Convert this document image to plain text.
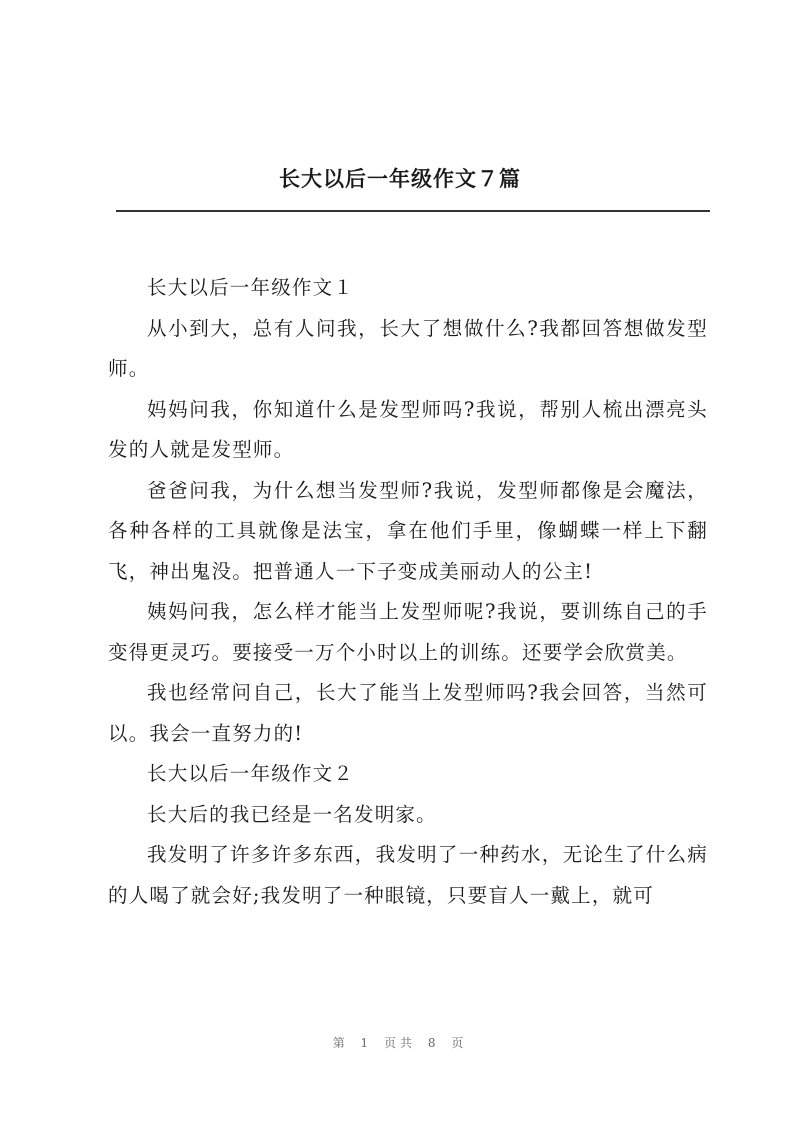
长大以后一年级作文７篇

长大以后一年级作文１

从小到大，总有人问我，长大了想做什么?我都回答想做发型师。

妈妈问我，你知道什么是发型师吗?我说，帮别人梳出漂亮头发的人就是发型师。

爸爸问我，为什么想当发型师?我说，发型师都像是会魔法，各种各样的工具就像是法宝，拿在他们手里，像蝴蝶一样上下翻飞，神出鬼没。把普通人一下子变成美丽动人的公主!

姨妈问我，怎么样才能当上发型师呢?我说，要训练自己的手变得更灵巧。要接受一万个小时以上的训练。还要学会欣赏美。

我也经常问自己，长大了能当上发型师吗?我会回答，当然可以。我会一直努力的!

长大以后一年级作文２

长大后的我已经是一名发明家。

我发明了许多许多东西，我发明了一种药水，无论生了什么病的人喝了就会好;我发明了一种眼镜，只要盲人一戴上，就可

第 1 页共 8 页
